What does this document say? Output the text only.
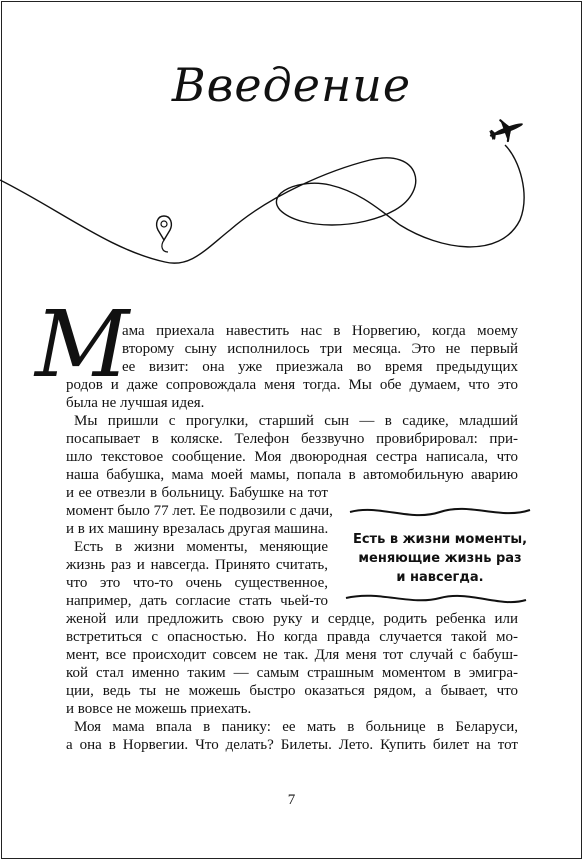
Введение
М
ама приехала навестить нас в Норвегию, когда моему
второму сыну исполнилось три месяца. Это не первый
ее визит: она уже приезжала во время предыдущих
родов и даже сопровождала меня тогда. Мы обе думаем, что это
была не лучшая идея.
Мы пришли с прогулки, старший сын — в садике, младший
посапывает в коляске. Телефон беззвучно провибрировал: при-
шло текстовое сообщение. Моя двоюродная сестра написала, что
наша бабушка, мама моей мамы, попала в автомобильную аварию
и ее отвезли в больницу. Бабушке на тот
момент было 77 лет. Ее подвозили с дачи,
и в их машину врезалась другая машина.
Есть в жизни моменты, меняющие
жизнь раз и навсегда. Принято считать,
что это что-то очень существенное,
например, дать согласие стать чьей-то
женой или предложить свою руку и сердце, родить ребенка или
встретиться с опасностью. Но когда правда случается такой мо-
мент, все происходит совсем не так. Для меня тот случай с бабуш-
кой стал именно таким — самым страшным моментом в эмигра-
ции, ведь ты не можешь быстро оказаться рядом, а бывает, что
и вовсе не можешь приехать.
Моя мама впала в панику: ее мать в больнице в Беларуси,
а она в Норвегии. Что делать? Билеты. Лето. Купить билет на тот
Есть в жизни моменты,
меняющие жизнь раз
и навсегда.
7
